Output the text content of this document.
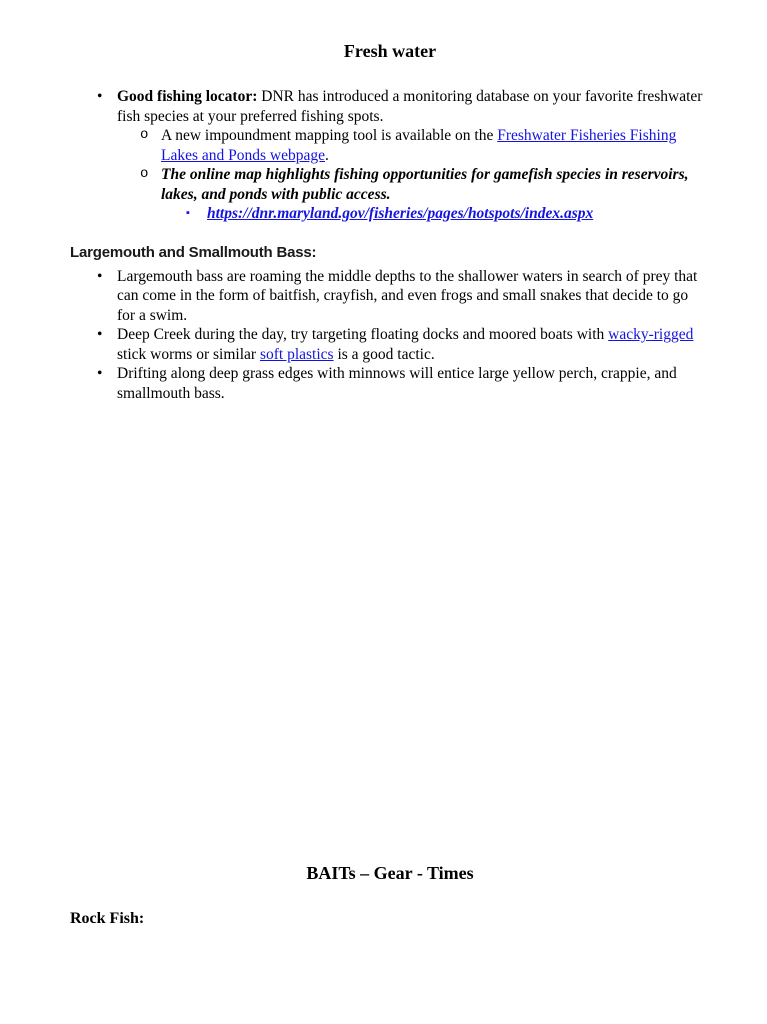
Fresh water
• Good fishing locator: DNR has introduced a monitoring database on your favorite freshwater fish species at your preferred fishing spots.
o A new impoundment mapping tool is available on the Freshwater Fisheries Fishing Lakes and Ponds webpage.
o The online map highlights fishing opportunities for gamefish species in reservoirs, lakes, and ponds with public access.
▪	https://dnr.maryland.gov/fisheries/pages/hotspots/index.aspx
Largemouth and Smallmouth Bass:
• Largemouth bass are roaming the middle depths to the shallower waters in search of prey that can come in the form of baitfish, crayfish, and even frogs and small snakes that decide to go for a swim.
• Deep Creek during the day, try targeting floating docks and moored boats with wacky-rigged stick worms or similar soft plastics is a good tactic.
• Drifting along deep grass edges with minnows will entice large yellow perch, crappie, and smallmouth bass.
BAITs – Gear - Times
Rock Fish:
